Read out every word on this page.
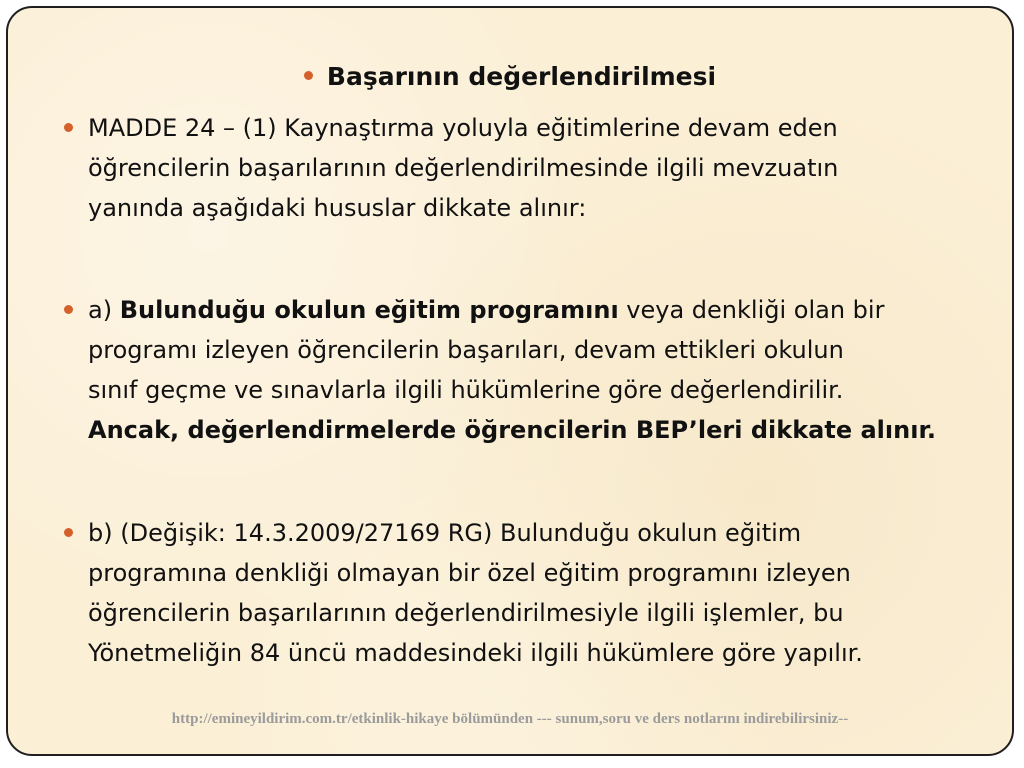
Başarının değerlendirilmesi
MADDE 24 – (1) Kaynaştırma yoluyla eğitimlerine devam eden
öğrencilerin başarılarının değerlendirilmesinde ilgili mevzuatın
yanında aşağıdaki hususlar dikkate alınır:
a) Bulunduğu okulun eğitim programını veya denkliği olan bir
programı izleyen öğrencilerin başarıları, devam ettikleri okulun
sınıf geçme ve sınavlarla ilgili hükümlerine göre değerlendirilir.
Ancak, değerlendirmelerde öğrencilerin BEP’leri dikkate alınır.
b) (Değişik: 14.3.2009/27169 RG) Bulunduğu okulun eğitim
programına denkliği olmayan bir özel eğitim programını izleyen
öğrencilerin başarılarının değerlendirilmesiyle ilgili işlemler, bu
Yönetmeliğin 84 üncü maddesindeki ilgili hükümlere göre yapılır.
http://emineyildirim.com.tr/etkinlik-hikaye bölümünden --- sunum,soru ve ders notlarını indirebilirsiniz--
